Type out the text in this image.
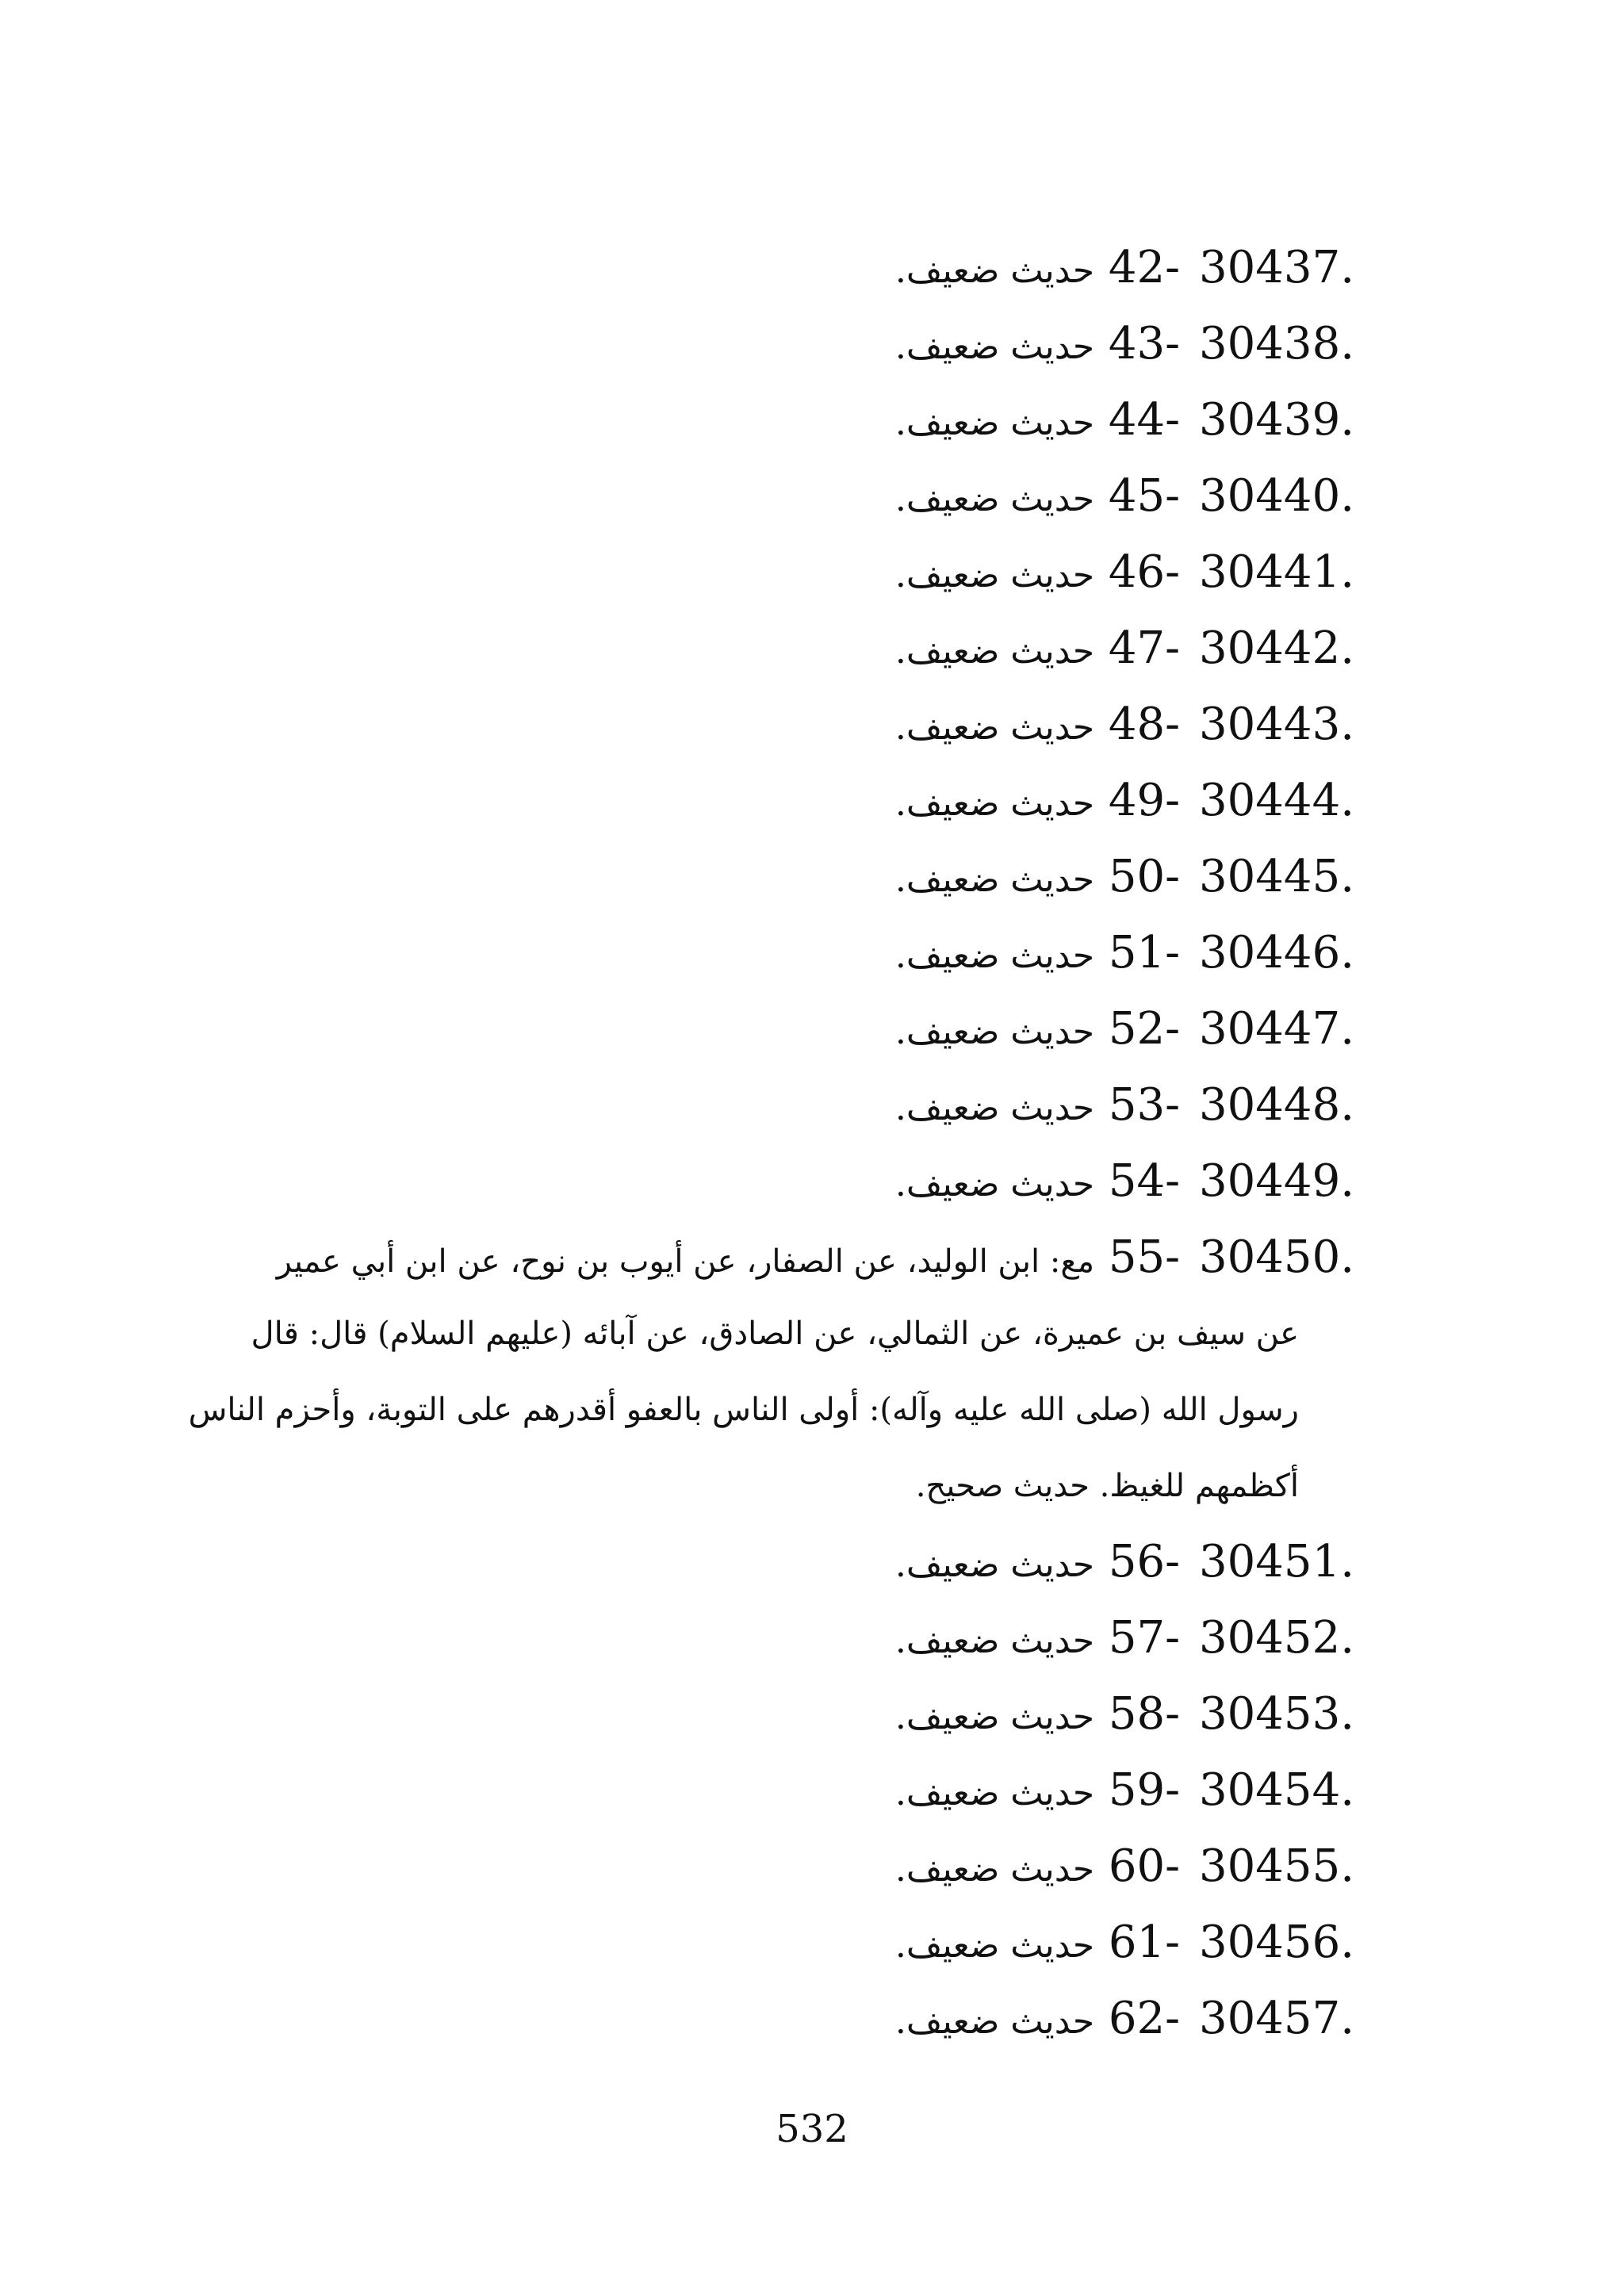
30437.42- حديث ضعيف.
30438.43- حديث ضعيف.
30439.44- حديث ضعيف.
30440.45- حديث ضعيف.
30441.46- حديث ضعيف.
30442.47- حديث ضعيف.
30443.48- حديث ضعيف.
30444.49- حديث ضعيف.
30445.50- حديث ضعيف.
30446.51- حديث ضعيف.
30447.52- حديث ضعيف.
30448.53- حديث ضعيف.
30449.54- حديث ضعيف.
30450.55- مع: ابن الوليد، عن الصفار، عن أيوب بن نوح، عن ابن أبي عمير
عن سيف بن عميرة، عن الثمالي، عن الصادق، عن آبائه (عليهم السلام) قال: قال
رسول الله (صلى الله عليه وآله): أولى الناس بالعفو أقدرهم على التوبة، وأحزم الناس
أكظمهم للغيظ. حديث صحيح.
30451.56- حديث ضعيف.
30452.57- حديث ضعيف.
30453.58- حديث ضعيف.
30454.59- حديث ضعيف.
30455.60- حديث ضعيف.
30456.61- حديث ضعيف.
30457.62- حديث ضعيف.
532
